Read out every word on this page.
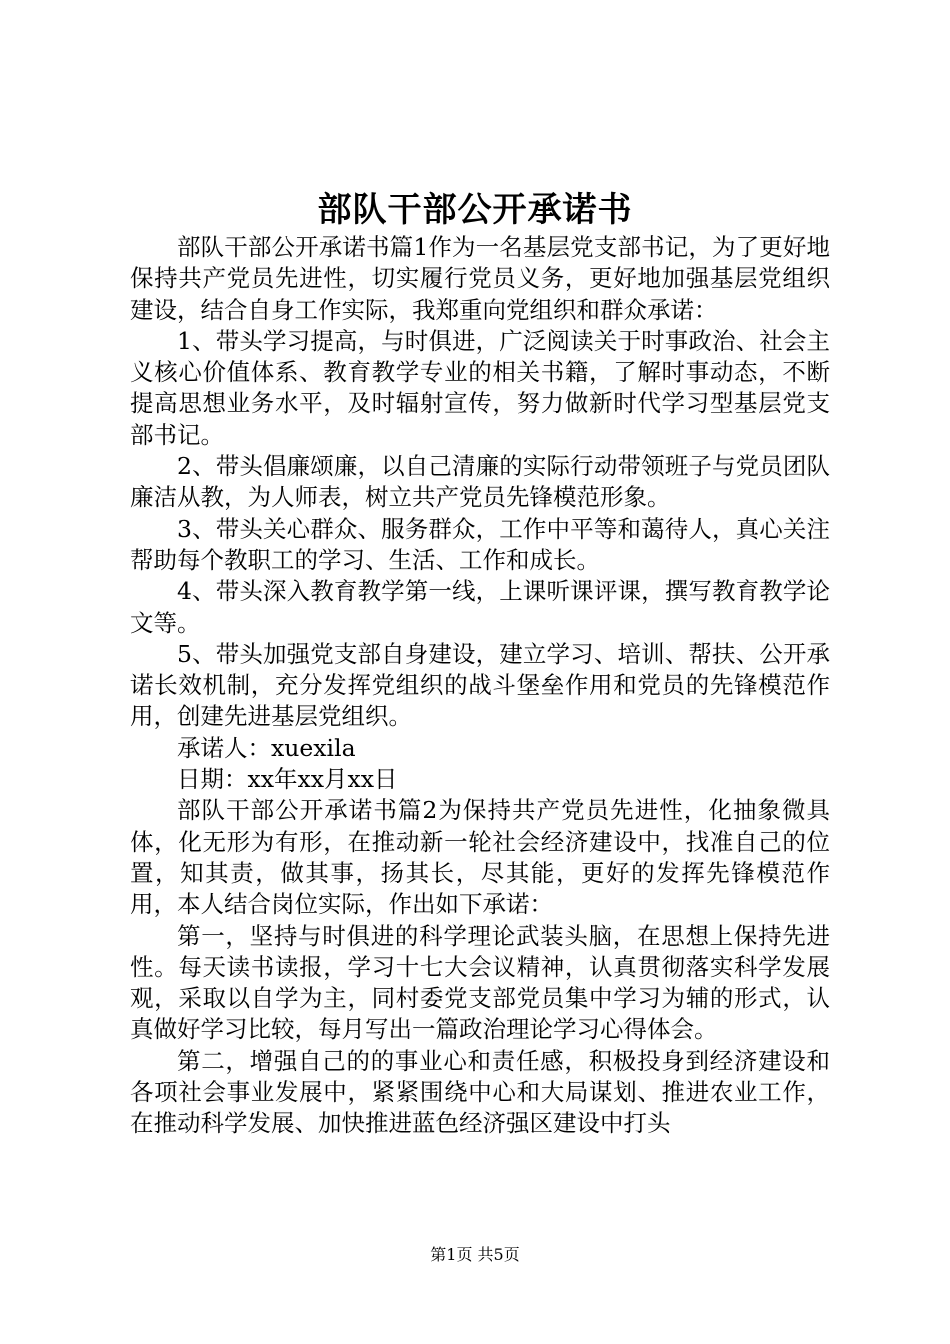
部队干部公开承诺书

部队干部公开承诺书篇1作为一名基层党支部书记，为了更好地保持共产党员先进性，切实履行党员义务，更好地加强基层党组织建设，结合自身工作实际，我郑重向党组织和群众承诺：

1、带头学习提高，与时俱进，广泛阅读关于时事政治、社会主义核心价值体系、教育教学专业的相关书籍，了解时事动态，不断提高思想业务水平，及时辐射宣传，努力做新时代学习型基层党支部书记。

2、带头倡廉颂廉，以自己清廉的实际行动带领班子与党员团队廉洁从教，为人师表，树立共产党员先锋模范形象。

3、带头关心群众、服务群众，工作中平等和蔼待人，真心关注帮助每个教职工的学习、生活、工作和成长。

4、带头深入教育教学第一线，上课听课评课，撰写教育教学论文等。

5、带头加强党支部自身建设，建立学习、培训、帮扶、公开承诺长效机制，充分发挥党组织的战斗堡垒作用和党员的先锋模范作用，创建先进基层党组织。

承诺人：xuexila

日期：xx年xx月xx日

部队干部公开承诺书篇2为保持共产党员先进性，化抽象微具体，化无形为有形，在推动新一轮社会经济建设中，找准自己的位置，知其责，做其事，扬其长，尽其能，更好的发挥先锋模范作用，本人结合岗位实际，作出如下承诺：

第一，坚持与时俱进的科学理论武装头脑，在思想上保持先进性。每天读书读报，学习十七大会议精神，认真贯彻落实科学发展观，采取以自学为主，同村委党支部党员集中学习为辅的形式，认真做好学习比较，每月写出一篇政治理论学习心得体会。

第二，增强自己的的事业心和责任感，积极投身到经济建设和各项社会事业发展中，紧紧围绕中心和大局谋划、推进农业工作，在推动科学发展、加快推进蓝色经济强区建设中打头

第1页 共5页
